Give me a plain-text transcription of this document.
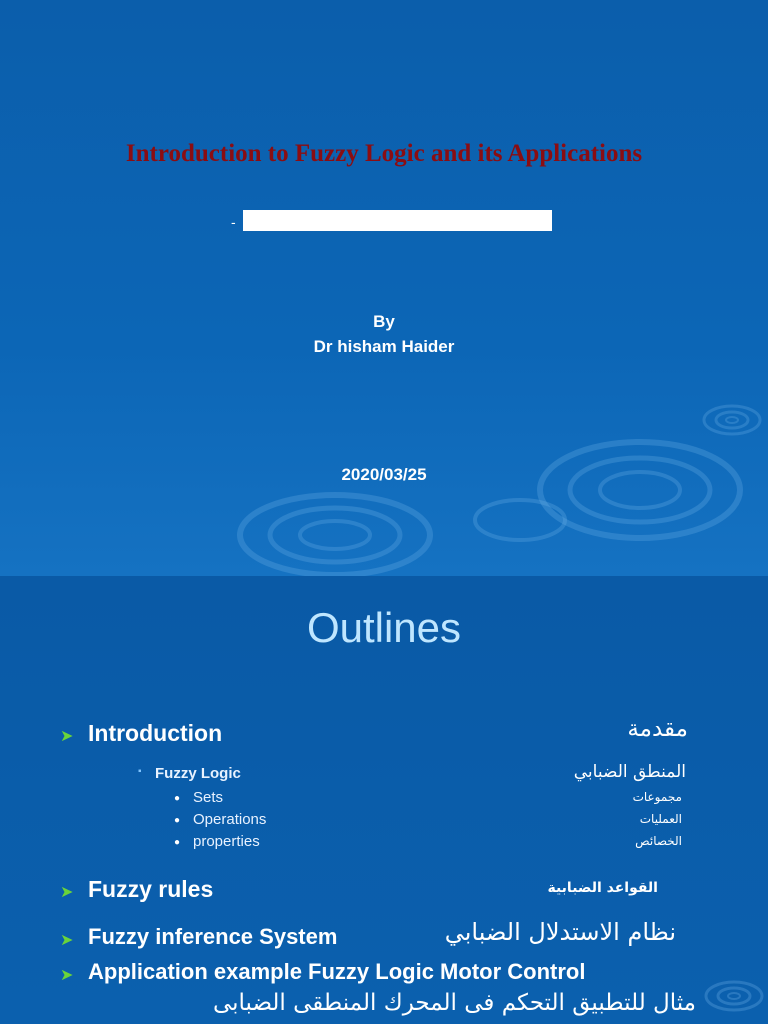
Introduction to Fuzzy Logic and its Applications
-
By
Dr hisham Haider
2020/03/25
Outlines
➤ Introduction	مقدمة
▪ Fuzzy Logic	المنطق الضبابي
● Sets	مجموعات
● Operations	العمليات
● properties	الخصائص
➤ Fuzzy rules	القواعد الضبابية
➤ Fuzzy inference System	نظام الاستدلال الضبابي
➤ Application example Fuzzy Logic Motor Control
مثال للتطبيق التحكم فى المحرك المنطقى الضبابى
